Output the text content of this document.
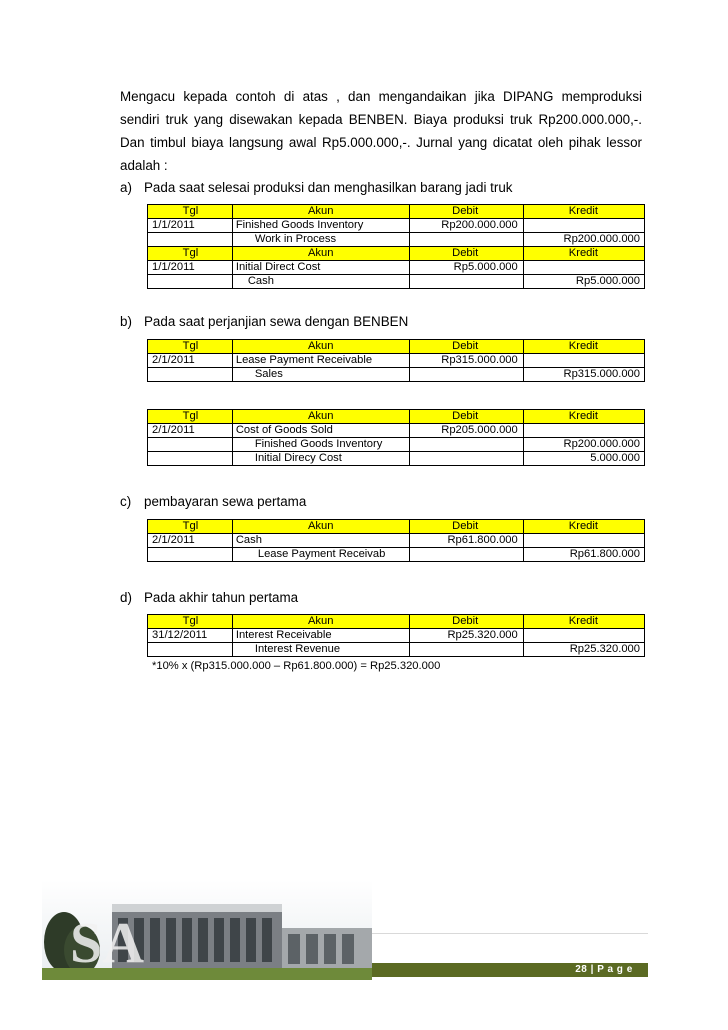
Mengacu kepada contoh di atas , dan mengandaikan jika DIPANG memproduksi
sendiri truk yang disewakan kepada BENBEN. Biaya produksi truk Rp200.000.000,-.
Dan timbul biaya langsung awal Rp5.000.000,-. Jurnal yang dicatat oleh pihak lessor
adalah :
a) Pada saat selesai produksi dan menghasilkan barang jadi truk
Tgl	Akun	Debit	Kredit
1/1/2011	Finished Goods Inventory	Rp200.000.000	
	Work in Process		Rp200.000.000
Tgl	Akun	Debit	Kredit
1/1/2011	Initial Direct Cost	Rp5.000.000	
	Cash		Rp5.000.000
b) Pada saat perjanjian sewa dengan BENBEN
Tgl	Akun	Debit	Kredit
2/1/2011	Lease Payment Receivable	Rp315.000.000	
	Sales		Rp315.000.000
Tgl	Akun	Debit	Kredit
2/1/2011	Cost of Goods Sold	Rp205.000.000	
	Finished Goods Inventory		Rp200.000.000
	Initial Direcy Cost		5.000.000
c) pembayaran sewa pertama
Tgl	Akun	Debit	Kredit
2/1/2011	Cash	Rp61.800.000	
	Lease Payment Receivab		Rp61.800.000
d) Pada akhir tahun pertama
Tgl	Akun	Debit	Kredit
31/12/2011	Interest Receivable	Rp25.320.000	
	Interest Revenue		Rp25.320.000
*10% x (Rp315.000.000 – Rp61.800.000) = Rp25.320.000
SA	28 | P a g e
